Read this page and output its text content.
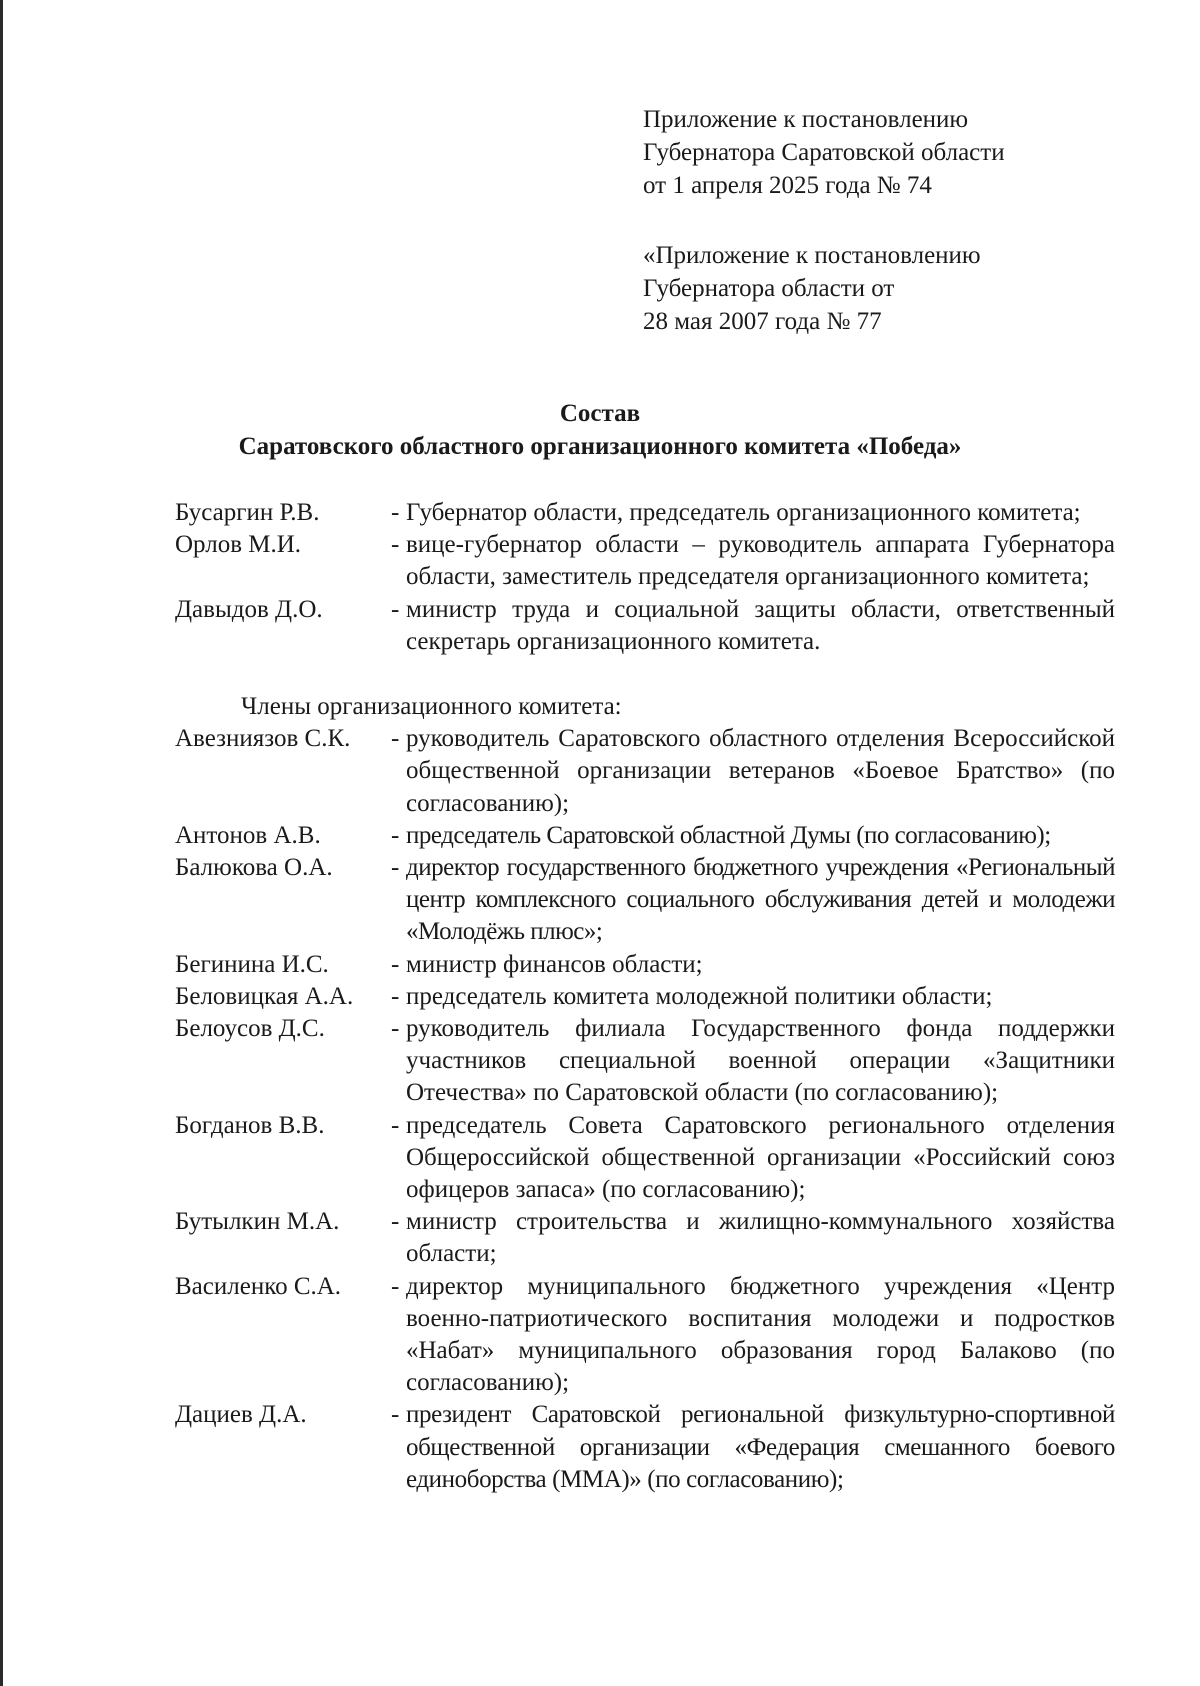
Приложение к постановлению
Губернатора Саратовской области
от 1 апреля 2025 года № 74
«Приложение к постановлению
Губернатора области от
28 мая 2007 года № 77
Состав
Саратовского областного организационного комитета «Победа»
Бусаргин Р.В.	- Губернатор области, председатель организационного комитета;
Орлов М.И.	- вице-губернатор области – руководитель аппарата Губернатора области, заместитель председателя организационного комитета;
Давыдов Д.О.	- министр труда и социальной защиты области, ответственный секретарь организационного комитета.
Члены организационного комитета:
Авезниязов С.К.	- руководитель Саратовского областного отделения Всероссийской общественной организации ветеранов «Боевое Братство» (по согласованию);
Антонов А.В.	- председатель Саратовской областной Думы (по согласованию);
Балюкова О.А.	- директор государственного бюджетного учреждения «Региональный центр комплексного социального обслуживания детей и молодежи «Молодёжь плюс»;
Бегинина И.С.	- министр финансов области;
Беловицкая А.А.	- председатель комитета молодежной политики области;
Белоусов Д.С.	- руководитель филиала Государственного фонда поддержки участников специальной военной операции «Защитники Отечества» по Саратовской области (по согласованию);
Богданов В.В.	- председатель Совета Саратовского регионального отделения Общероссийской общественной организации «Российский союз офицеров запаса» (по согласованию);
Бутылкин М.А.	- министр строительства и жилищно-коммунального хозяйства области;
Василенко С.А.	- директор муниципального бюджетного учреждения «Центр военно-патриотического воспитания молодежи и подростков «Набат» муниципального образования город Балаково (по согласованию);
Дациев Д.А.	- президент Саратовской региональной физкультурно-спортивной общественной организации «Федерация смешанного боевого единоборства (ММА)» (по согласованию);
